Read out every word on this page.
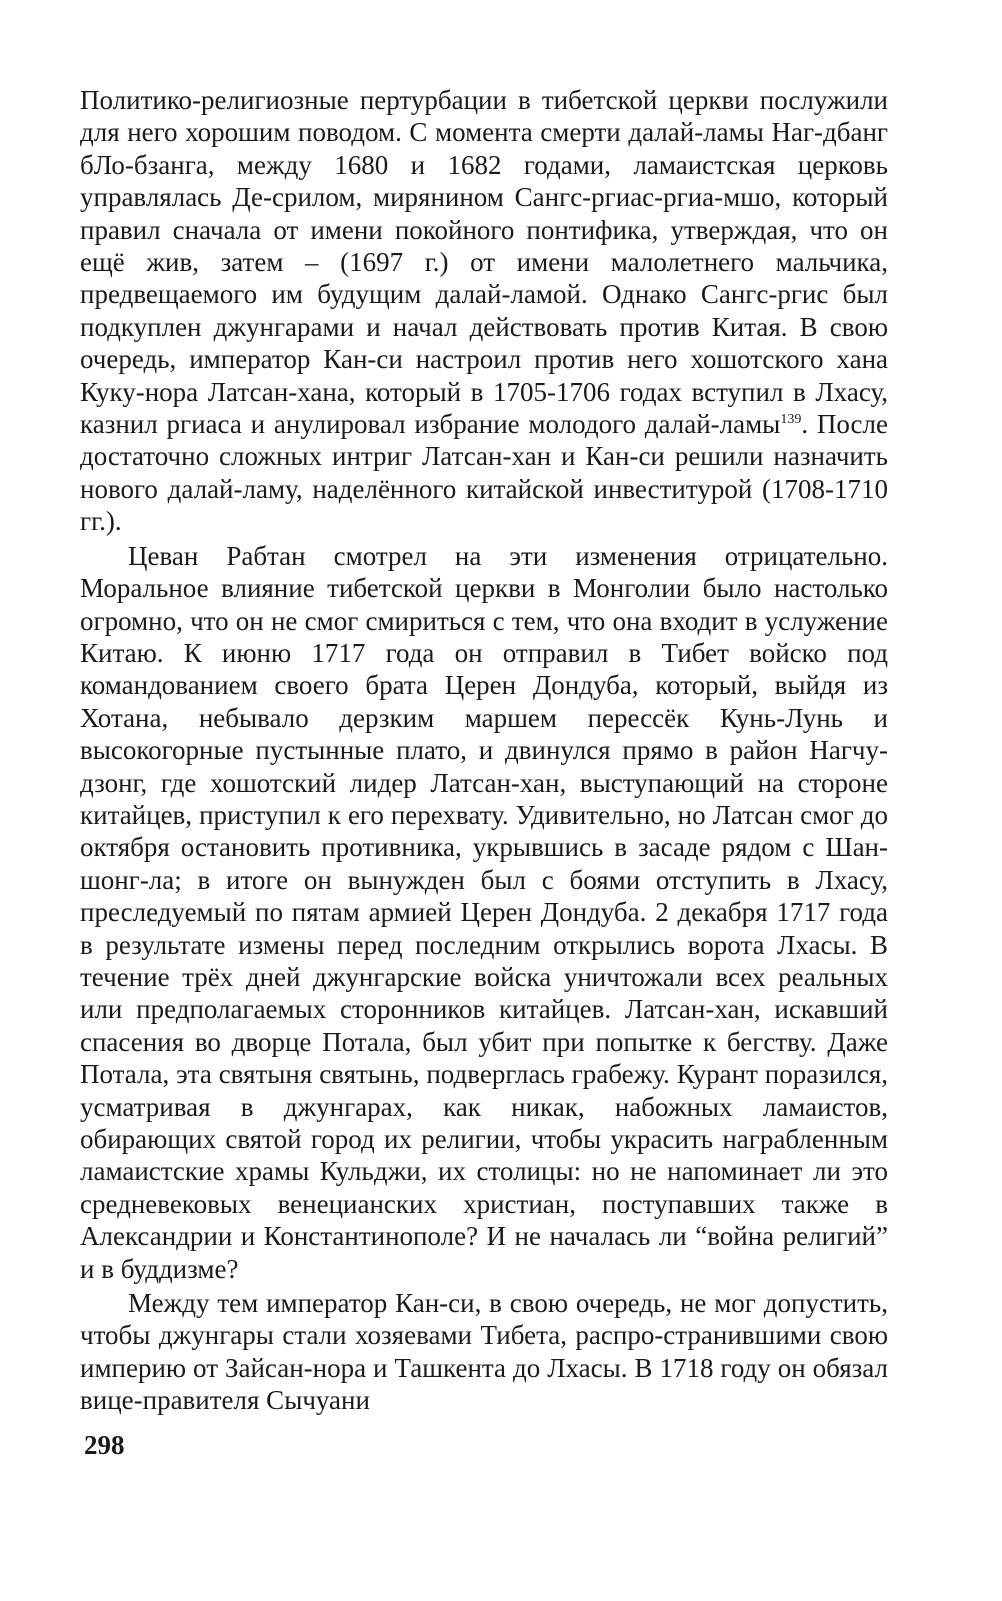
Политико-религиозные пертурбации в тибетской церкви послужили для него хорошим поводом. С момента смерти далай-ламы Наг-дбанг бЛо-бзанга, между 1680 и 1682 годами, ламаистская церковь управлялась Де-срилом, мирянином Сангс-ргиас-ргиа-мшо, который правил сначала от имени покойного понтифика, утверждая, что он ещё жив, затем – (1697 г.) от имени малолетнего мальчика, предвещаемого им будущим далай-ламой. Однако Сангс-ргис был подкуплен джунгарами и начал действовать против Китая. В свою очередь, император Кан-си настроил против него хошотского хана Куку-нора Латсан-хана, который в 1705-1706 годах вступил в Лхасу, казнил ргиаса и анулировал избрание молодого далай-ламы$^{139}$. После достаточно сложных интриг Латсан-хан и Кан-си решили назначить нового далай-ламу, наделённого китайской инвеститурой (1708-1710 гг.).

Цеван Рабтан смотрел на эти изменения отрицательно. Моральное влияние тибетской церкви в Монголии было настолько огромно, что он не смог смириться с тем, что она входит в услужение Китаю. К июню 1717 года он отправил в Тибет войско под командованием своего брата Церен Дондуба, который, выйдя из Хотана, небывало дерзким маршем перессёк Кунь-Лунь и высокогорные пустынные плато, и двинулся прямо в район Нагчу-дзонг, где хошотский лидер Латсан-хан, выступающий на стороне китайцев, приступил к его перехвату. Удивительно, но Латсан смог до октября остановить противника, укрывшись в засаде рядом с Шан-шонг-ла; в итоге он вынужден был с боями отступить в Лхасу, преследуемый по пятам армией Церен Дондуба. 2 декабря 1717 года в результате измены перед последним открылись ворота Лхасы. В течение трёх дней джунгарские войска уничтожали всех реальных или предполагаемых сторонников китайцев. Латсан-хан, искавший спасения во дворце Потала, был убит при попытке к бегству. Даже Потала, эта святыня святынь, подверглась грабежу. Курант поразился, усматривая в джунгарах, как никак, набожных ламаистов, обирающих святой город их религии, чтобы украсить награбленным ламаистские храмы Кульджи, их столицы: но не напоминает ли это средневековых венецианских христиан, поступавших также в Александрии и Константинополе? И не началась ли “война религий” и в буддизме?

Между тем император Кан-си, в свою очередь, не мог допустить, чтобы джунгары стали хозяевами Тибета, распро-странившими свою империю от Зайсан-нора и Ташкента до Лхасы. В 1718 году он обязал вице-правителя Сычуани

298
